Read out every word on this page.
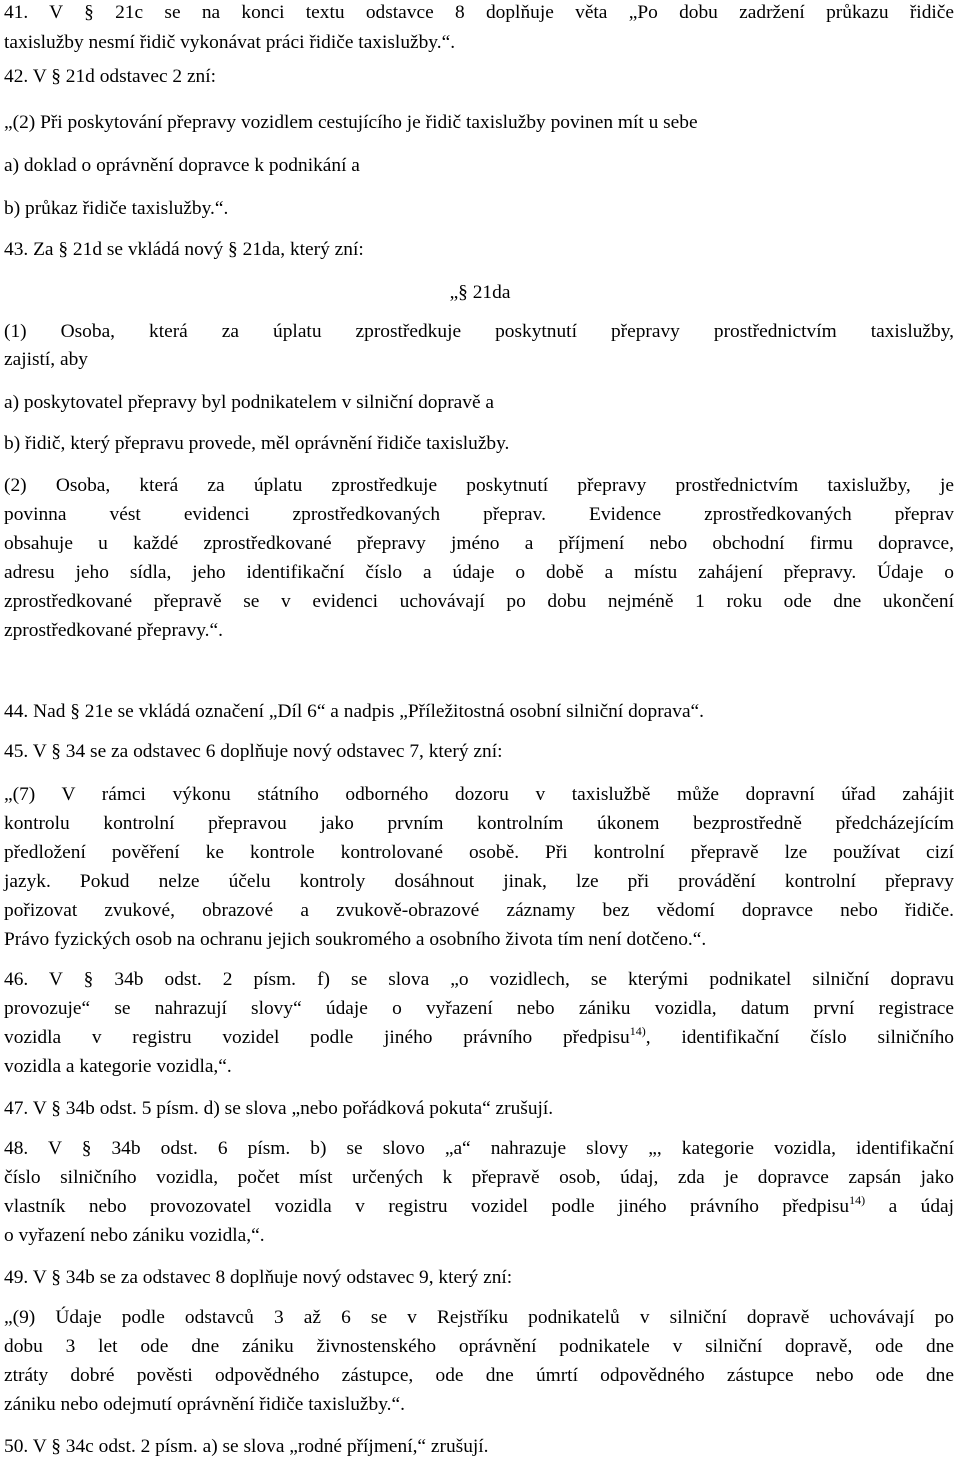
41. V § 21c se na konci textu odstavce 8 doplňuje věta „Po dobu zadržení průkazu řidiče
taxislužby nesmí řidič vykonávat práci řidiče taxislužby.“.
42. V § 21d odstavec 2 zní:
„(2) Při poskytování přepravy vozidlem cestujícího je řidič taxislužby povinen mít u sebe
a) doklad o oprávnění dopravce k podnikání a
b) průkaz řidiče taxislužby.“.
43. Za § 21d se vkládá nový § 21da, který zní:
„§ 21da
(1) Osoba, která za úplatu zprostředkuje poskytnutí přepravy prostřednictvím taxislužby,
zajistí, aby
a) poskytovatel přepravy byl podnikatelem v silniční dopravě a
b) řidič, který přepravu provede, měl oprávnění řidiče taxislužby.
(2) Osoba, která za úplatu zprostředkuje poskytnutí přepravy prostřednictvím taxislužby, je
povinna vést evidenci zprostředkovaných přeprav. Evidence zprostředkovaných přeprav
obsahuje u každé zprostředkované přepravy jméno a příjmení nebo obchodní firmu dopravce,
adresu jeho sídla, jeho identifikační číslo a údaje o době a místu zahájení přepravy. Údaje o
zprostředkované přepravě se v evidenci uchovávají po dobu nejméně 1 roku ode dne ukončení
zprostředkované přepravy.“.
44. Nad § 21e se vkládá označení „Díl 6“ a nadpis „Příležitostná osobní silniční doprava“.
45. V § 34 se za odstavec 6 doplňuje nový odstavec 7, který zní:
„(7) V rámci výkonu státního odborného dozoru v taxislužbě může dopravní úřad zahájit
kontrolu kontrolní přepravou jako prvním kontrolním úkonem bezprostředně předcházejícím
předložení pověření ke kontrole kontrolované osobě. Při kontrolní přepravě lze používat cizí
jazyk. Pokud nelze účelu kontroly dosáhnout jinak, lze při provádění kontrolní přepravy
pořizovat zvukové, obrazové a zvukově-obrazové záznamy bez vědomí dopravce nebo řidiče.
Právo fyzických osob na ochranu jejich soukromého a osobního života tím není dotčeno.“.
46. V § 34b odst. 2 písm. f) se slova „o vozidlech, se kterými podnikatel silniční dopravu
provozuje“ se nahrazují slovy“ údaje o vyřazení nebo zániku vozidla, datum první registrace
vozidla v registru vozidel podle jiného právního předpisu$^{14)}$, identifikační číslo silničního
vozidla a kategorie vozidla,“.
47. V § 34b odst. 5 písm. d) se slova „nebo pořádková pokuta“ zrušují.
48. V § 34b odst. 6 písm. b) se slovo „a“ nahrazuje slovy „, kategorie vozidla, identifikační
číslo silničního vozidla, počet míst určených k přepravě osob, údaj, zda je dopravce zapsán jako
vlastník nebo provozovatel vozidla v registru vozidel podle jiného právního předpisu$^{14)}$ a údaj
o vyřazení nebo zániku vozidla,“.
49. V § 34b se za odstavec 8 doplňuje nový odstavec 9, který zní:
„(9) Údaje podle odstavců 3 až 6 se v Rejstříku podnikatelů v silniční dopravě uchovávají po
dobu 3 let ode dne zániku živnostenského oprávnění podnikatele v silniční dopravě, ode dne
ztráty dobré pověsti odpovědného zástupce, ode dne úmrtí odpovědného zástupce nebo ode dne
zániku nebo odejmutí oprávnění řidiče taxislužby.“.
50. V § 34c odst. 2 písm. a) se slova „rodné příjmení,“ zrušují.
